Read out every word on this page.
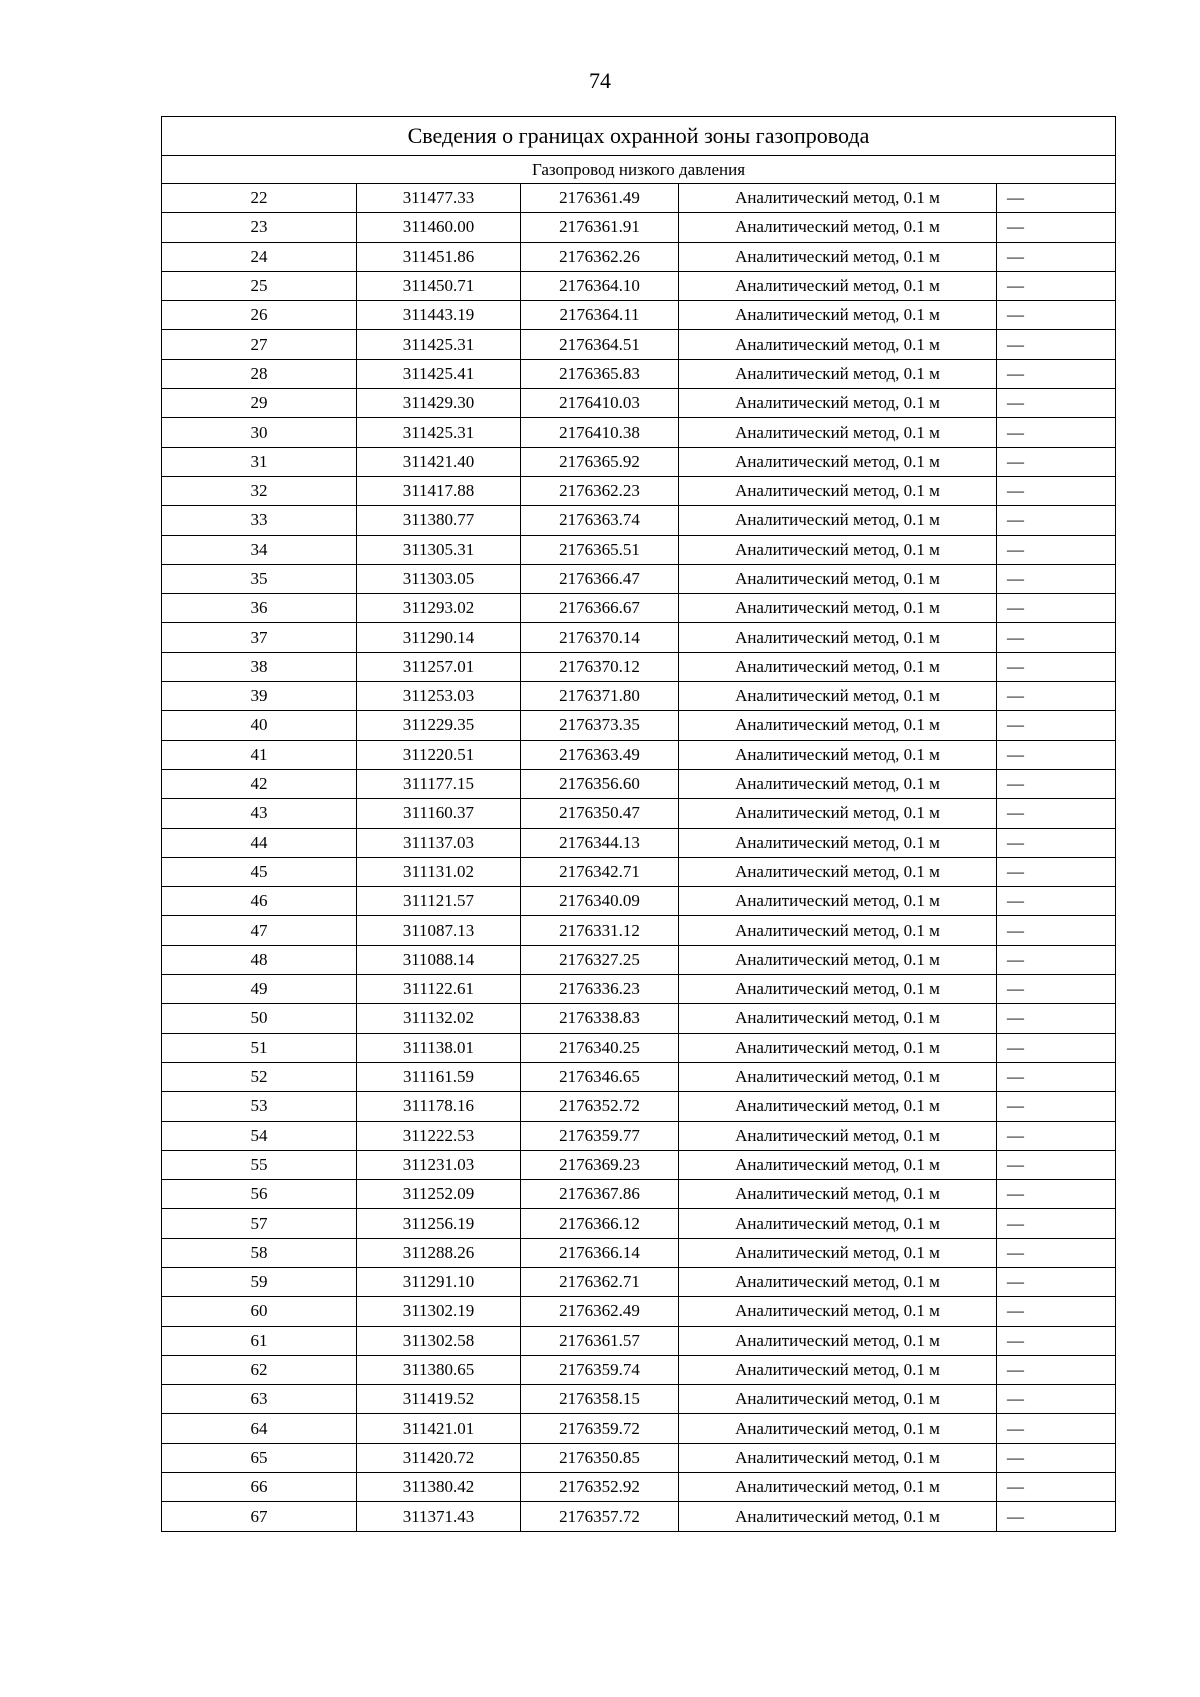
74
Сведения о границах охранной зоны газопровода				
Газопровод низкого давления				
22	311477.33	2176361.49	Аналитический метод, 0.1 м	—
23	311460.00	2176361.91	Аналитический метод, 0.1 м	—
24	311451.86	2176362.26	Аналитический метод, 0.1 м	—
25	311450.71	2176364.10	Аналитический метод, 0.1 м	—
26	311443.19	2176364.11	Аналитический метод, 0.1 м	—
27	311425.31	2176364.51	Аналитический метод, 0.1 м	—
28	311425.41	2176365.83	Аналитический метод, 0.1 м	—
29	311429.30	2176410.03	Аналитический метод, 0.1 м	—
30	311425.31	2176410.38	Аналитический метод, 0.1 м	—
31	311421.40	2176365.92	Аналитический метод, 0.1 м	—
32	311417.88	2176362.23	Аналитический метод, 0.1 м	—
33	311380.77	2176363.74	Аналитический метод, 0.1 м	—
34	311305.31	2176365.51	Аналитический метод, 0.1 м	—
35	311303.05	2176366.47	Аналитический метод, 0.1 м	—
36	311293.02	2176366.67	Аналитический метод, 0.1 м	—
37	311290.14	2176370.14	Аналитический метод, 0.1 м	—
38	311257.01	2176370.12	Аналитический метод, 0.1 м	—
39	311253.03	2176371.80	Аналитический метод, 0.1 м	—
40	311229.35	2176373.35	Аналитический метод, 0.1 м	—
41	311220.51	2176363.49	Аналитический метод, 0.1 м	—
42	311177.15	2176356.60	Аналитический метод, 0.1 м	—
43	311160.37	2176350.47	Аналитический метод, 0.1 м	—
44	311137.03	2176344.13	Аналитический метод, 0.1 м	—
45	311131.02	2176342.71	Аналитический метод, 0.1 м	—
46	311121.57	2176340.09	Аналитический метод, 0.1 м	—
47	311087.13	2176331.12	Аналитический метод, 0.1 м	—
48	311088.14	2176327.25	Аналитический метод, 0.1 м	—
49	311122.61	2176336.23	Аналитический метод, 0.1 м	—
50	311132.02	2176338.83	Аналитический метод, 0.1 м	—
51	311138.01	2176340.25	Аналитический метод, 0.1 м	—
52	311161.59	2176346.65	Аналитический метод, 0.1 м	—
53	311178.16	2176352.72	Аналитический метод, 0.1 м	—
54	311222.53	2176359.77	Аналитический метод, 0.1 м	—
55	311231.03	2176369.23	Аналитический метод, 0.1 м	—
56	311252.09	2176367.86	Аналитический метод, 0.1 м	—
57	311256.19	2176366.12	Аналитический метод, 0.1 м	—
58	311288.26	2176366.14	Аналитический метод, 0.1 м	—
59	311291.10	2176362.71	Аналитический метод, 0.1 м	—
60	311302.19	2176362.49	Аналитический метод, 0.1 м	—
61	311302.58	2176361.57	Аналитический метод, 0.1 м	—
62	311380.65	2176359.74	Аналитический метод, 0.1 м	—
63	311419.52	2176358.15	Аналитический метод, 0.1 м	—
64	311421.01	2176359.72	Аналитический метод, 0.1 м	—
65	311420.72	2176350.85	Аналитический метод, 0.1 м	—
66	311380.42	2176352.92	Аналитический метод, 0.1 м	—
67	311371.43	2176357.72	Аналитический метод, 0.1 м	—
